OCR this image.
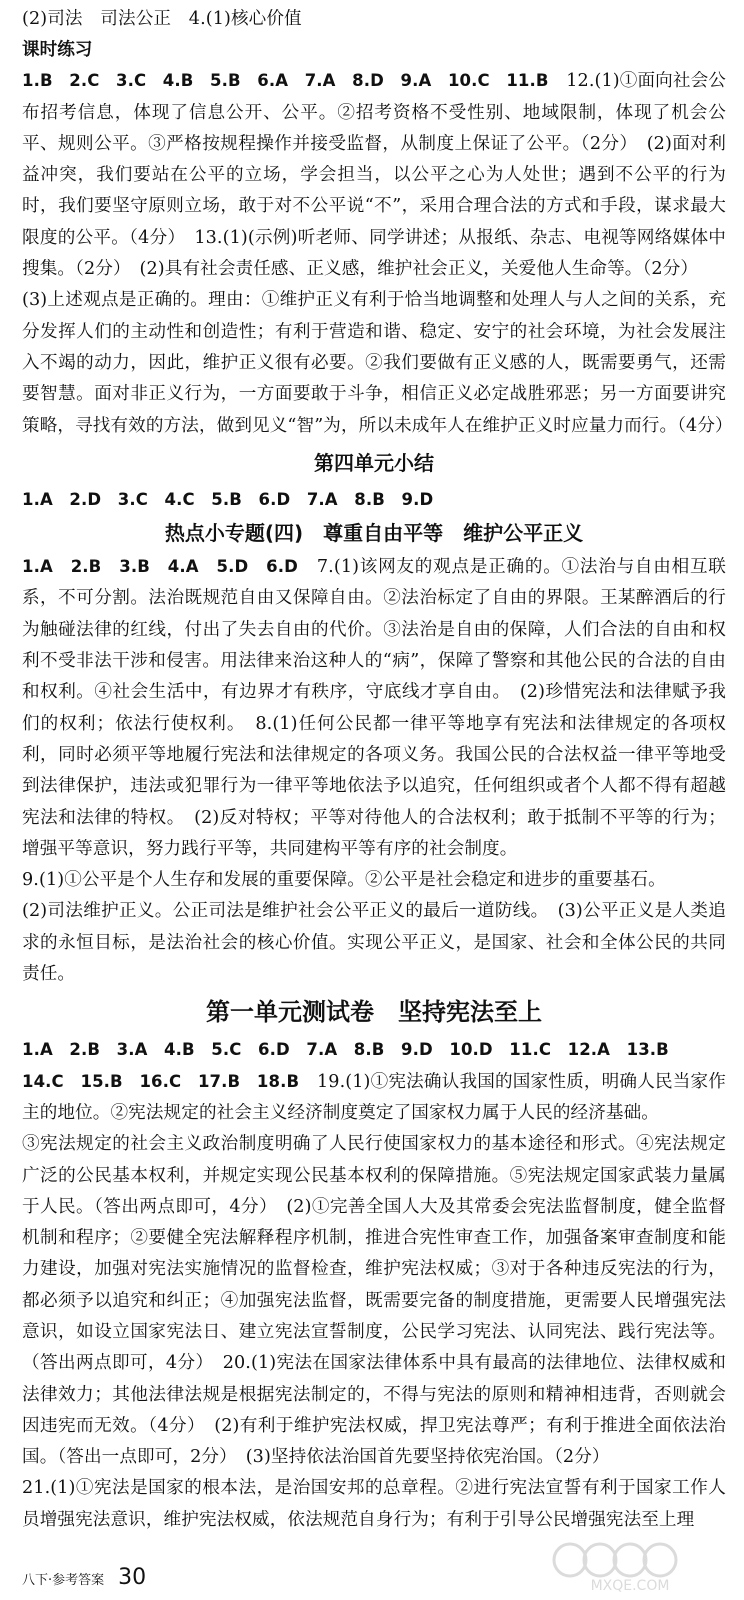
(2)司法　司法公正　4.(1)核心价值

课时练习

1.B　2.C　3.C　4.B　5.B　6.A　7.A　8.D　9.A　10.C　11.B　 12.(1)①面向社会公布招考信息，体现了信息公开、公平。②招考资格不受性别、地域限制，体现了机会公平、规则公平。③严格按规程操作并接受监督，从制度上保证了公平。（2分）　(2)面对利益冲突，我们要站在公平的立场，学会担当，以公平之心为人处世；遇到不公平的行为时，我们要坚守原则立场，敢于对不公平说“不”，采用合理合法的方式和手段，谋求最大限度的公平。（4分）　13.(1)(示例)听老师、同学讲述；从报纸、杂志、电视等网络媒体中搜集。（2分）　(2)具有社会责任感、正义感，维护社会正义，关爱他人生命等。（2分）

(3)上述观点是正确的。理由：①维护正义有利于恰当地调整和处理人与人之间的关系，充分发挥人们的主动性和创造性；有利于营造和谐、稳定、安宁的社会环境，为社会发展注入不竭的动力，因此，维护正义很有必要。②我们要做有正义感的人，既需要勇气，还需要智慧。面对非正义行为，一方面要敢于斗争，相信正义必定战胜邪恶；另一方面要讲究策略，寻找有效的方法，做到见义“智”为，所以未成年人在维护正义时应量力而行。（4分）

第四单元小结

1.A　2.D　3.C　4.C　5.B　6.D　7.A　8.B　9.D

热点小专题(四)　尊重自由平等　维护公平正义

1.A　2.B　3.B　4.A　5.D　6.D　 7.(1)该网友的观点是正确的。①法治与自由相互联系，不可分割。法治既规范自由又保障自由。②法治标定了自由的界限。王某醉酒后的行为触碰法律的红线，付出了失去自由的代价。③法治是自由的保障，人们合法的自由和权利不受非法干涉和侵害。用法律来治这种人的“病”，保障了警察和其他公民的合法的自由和权利。④社会生活中，有边界才有秩序，守底线才享自由。　(2)珍惜宪法和法律赋予我们的权利；依法行使权利。　8.(1)任何公民都一律平等地享有宪法和法律规定的各项权利，同时必须平等地履行宪法和法律规定的各项义务。我国公民的合法权益一律平等地受到法律保护，违法或犯罪行为一律平等地依法予以追究，任何组织或者个人都不得有超越宪法和法律的特权。　(2)反对特权；平等对待他人的合法权利；敢于抵制不平等的行为；增强平等意识，努力践行平等，共同建构平等有序的社会制度。

9.(1)①公平是个人生存和发展的重要保障。②公平是社会稳定和进步的重要基石。

(2)司法维护正义。公正司法是维护社会公平正义的最后一道防线。　(3)公平正义是人类追求的永恒目标，是法治社会的核心价值。实现公平正义，是国家、社会和全体公民的共同责任。

第一单元测试卷　坚持宪法至上

1.A　2.B　3.A　4.B　5.C　6.D　7.A　8.B　9.D　10.D　11.C　12.A　13.B

14.C　15.B　16.C　17.B　18.B　 19.(1)①宪法确认我国的国家性质，明确人民当家作主的地位。②宪法规定的社会主义经济制度奠定了国家权力属于人民的经济基础。

③宪法规定的社会主义政治制度明确了人民行使国家权力的基本途径和形式。④宪法规定广泛的公民基本权利，并规定实现公民基本权利的保障措施。⑤宪法规定国家武装力量属于人民。（答出两点即可，4分）　(2)①完善全国人大及其常委会宪法监督制度，健全监督机制和程序；②要健全宪法解释程序机制，推进合宪性审查工作，加强备案审查制度和能力建设，加强对宪法实施情况的监督检查，维护宪法权威；③对于各种违反宪法的行为，都必须予以追究和纠正；④加强宪法监督，既需要完备的制度措施，更需要人民增强宪法意识，如设立国家宪法日、建立宪法宣誓制度，公民学习宪法、认同宪法、践行宪法等。（答出两点即可，4分）　20.(1)宪法在国家法律体系中具有最高的法律地位、法律权威和法律效力；其他法律法规是根据宪法制定的，不得与宪法的原则和精神相违背，否则就会因违宪而无效。（4分）　(2)有利于维护宪法权威，捍卫宪法尊严；有利于推进全面依法治国。（答出一点即可，2分）　(3)坚持依法治国首先要坚持依宪治国。（2分）

21.(1)①宪法是国家的根本法，是治国安邦的总章程。②进行宪法宣誓有利于国家工作人员增强宪法意识，维护宪法权威，依法规范自身行为；有利于引导公民增强宪法至上理

八下·参考答案 30	MXQE.COM
